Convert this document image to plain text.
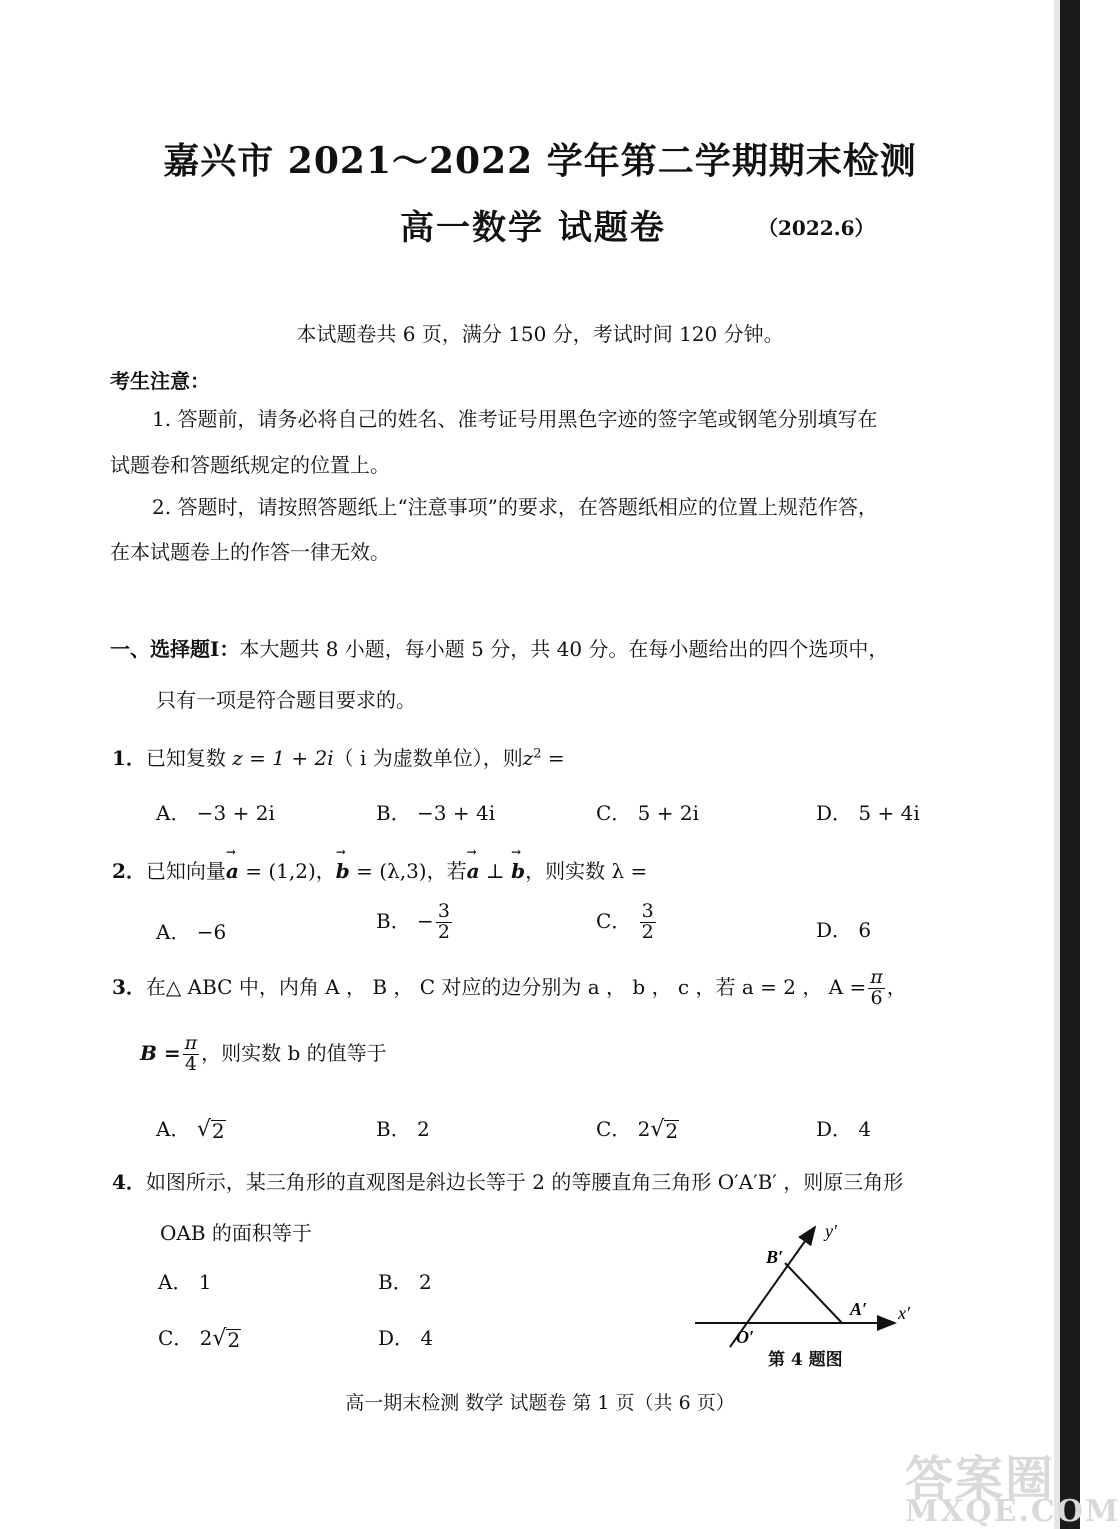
嘉兴市 2021～2022 学年第二学期期末检测
高一数学 试题卷	（2022.6）
本试题卷共 6 页，满分 150 分，考试时间 120 分钟。
考生注意：
1. 答题前，请务必将自己的姓名、准考证号用黑色字迹的签字笔或钢笔分别填写在
试题卷和答题纸规定的位置上。
2. 答题时，请按照答题纸上“注意事项”的要求，在答题纸相应的位置上规范作答，
在本试题卷上的作答一律无效。
一、选择题Ⅰ：本大题共 8 小题，每小题 5 分，共 40 分。在每小题给出的四个选项中，
只有一项是符合题目要求的。
1．已知复数 z = 1 + 2i（ i 为虚数单位），则$z^2$ =
A． −3 + 2i	B． −3 + 4i	C． 5 + 2i	D． 5 + 4i
2．已知向量→ a = (1,2)，→ b = (λ,3)，若→ a ⊥ → b，则实数 λ =
A． −6	B． − $\frac{3}{2}$	C． $\frac{3}{2}$	D． 6
3．在△ ABC 中，内角 A ， B ， C 对应的边分别为 a ， b ， c ，若 a = 2 ， $A = \frac{\pi}{6}$ ，
$B = \frac{\pi}{4}$ ，则实数 b 的值等于
A． √ 2	B． 2	C． 2 √ 2	D． 4
4．如图所示，某三角形的直观图是斜边长等于 2 的等腰直角三角形 O′A′B′ ，则原三角形
OAB 的面积等于
A． 1	B． 2
C． 2 √ 2	D． 4
y′
x′
B′
A′
O′
第 4 题图
高一期末检测 数学 试题卷 第 1 页（共 6 页）
答案圈
MXQE.COM
